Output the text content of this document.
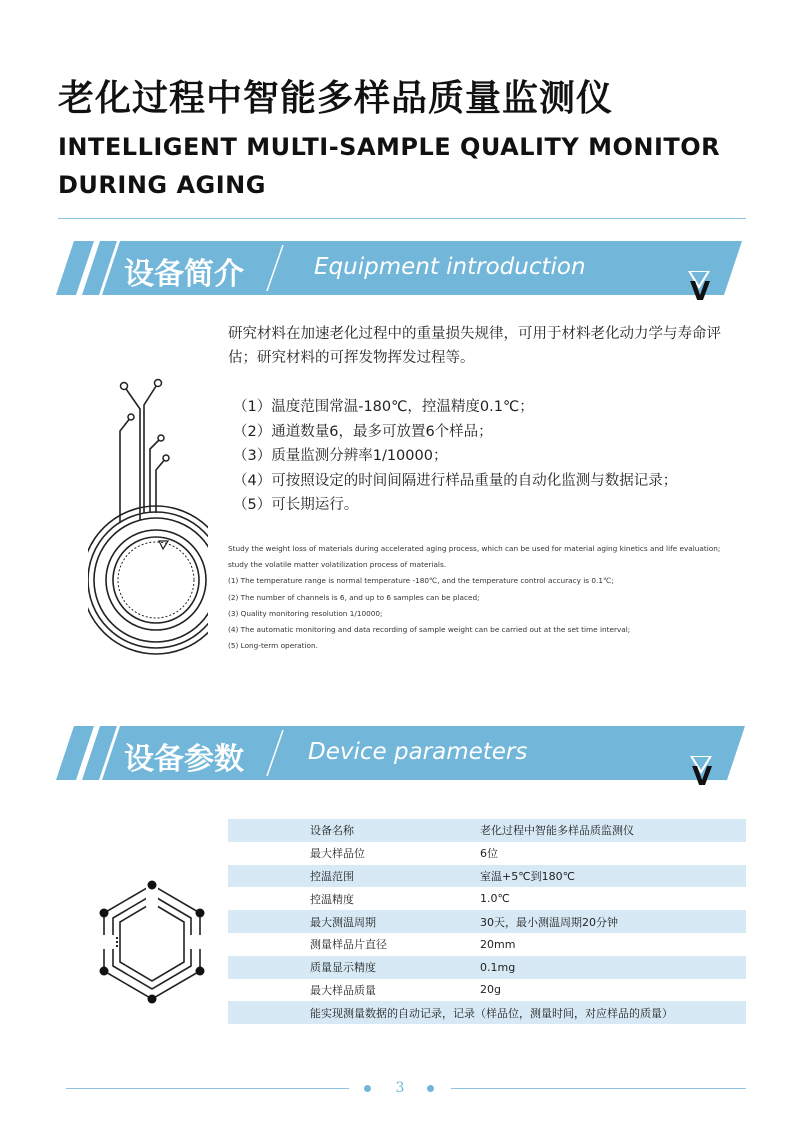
老化过程中智能多样品质量监测仪
INTELLIGENT MULTI-SAMPLE QUALITY MONITOR DURING AGING
设备简介	Equipment introduction
V
研究材料在加速老化过程中的重量损失规律，可用于材料老化动力学与寿命评估；研究材料的可挥发物挥发过程等。
（1）温度范围常温-180℃，控温精度0.1℃；
（2）通道数量6，最多可放置6个样品；
（3）质量监测分辨率1/10000；
（4）可按照设定的时间间隔进行样品重量的自动化监测与数据记录；
（5）可长期运行。
Study the weight loss of materials during accelerated aging process, which can be used for material aging kinetics and life evaluation;
study the volatile matter volatilization process of materials.
(1) The temperature range is normal temperature -180℃, and the temperature control accuracy is 0.1℃;
(2) The number of channels is 6, and up to 6 samples can be placed;
(3) Quality monitoring resolution 1/10000;
(4) The automatic monitoring and data recording of sample weight can be carried out at the set time interval;
(5) Long-term operation.
设备参数	Device parameters
V
设备名称	老化过程中智能多样品质监测仪
最大样品位	6位
控温范围	室温+5℃到180℃
控温精度	1.0℃
最大测温周期	30天，最小测温周期20分钟
测量样品片直径	20mm
质量显示精度	0.1mg
最大样品质量	20g
能实现测量数据的自动记录，记录（样品位，测量时间，对应样品的质量）	
3
